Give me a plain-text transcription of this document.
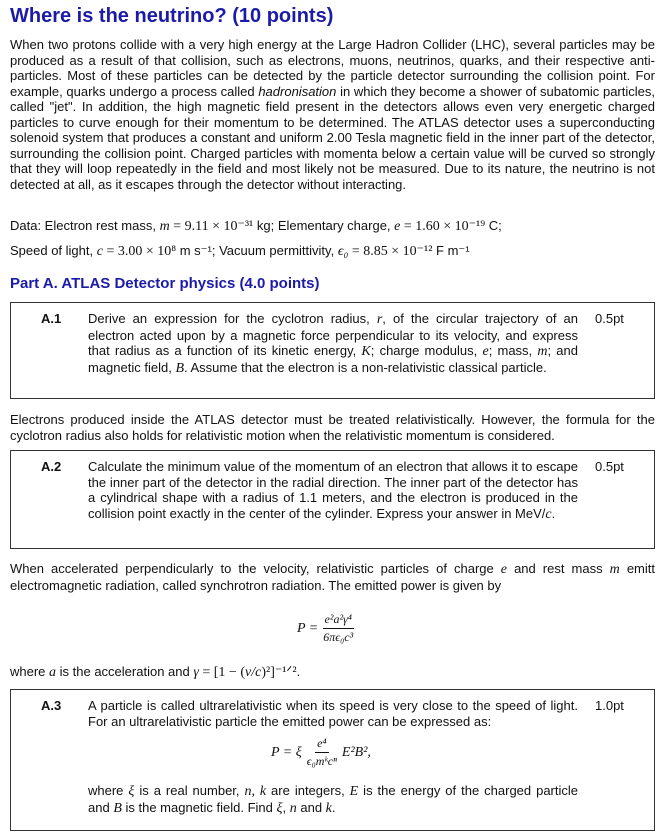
Where is the neutrino? (10 points)
When two protons collide with a very high energy at the Large Hadron Collider (LHC), several particles may be produced as a result of that collision, such as electrons, muons, neutrinos, quarks, and their respective anti-particles. Most of these particles can be detected by the particle detector surrounding the collision point. For example, quarks undergo a process called hadronisation in which they become a shower of subatomic particles, called "jet". In addition, the high magnetic field present in the detectors allows even very energetic charged particles to curve enough for their momentum to be determined. The ATLAS detector uses a superconducting solenoid system that produces a constant and uniform 2.00 Tesla magnetic field in the inner part of the detector, surrounding the collision point. Charged particles with momenta below a certain value will be curved so strongly that they will loop repeatedly in the field and most likely not be measured. Due to its nature, the neutrino is not detected at all, as it escapes through the detector without interacting.
Data: Electron rest mass, m = 9.11 × 10⁻³¹ kg; Elementary charge, e = 1.60 × 10⁻¹⁹ C;
Speed of light, c = 3.00 × 10⁸ m s⁻¹; Vacuum permittivity, ϵ₀ = 8.85 × 10⁻¹² F m⁻¹
Part A. ATLAS Detector physics (4.0 points)
A.1 Derive an expression for the cyclotron radius, r, of the circular trajectory of an electron acted upon by a magnetic force perpendicular to its velocity, and express that radius as a function of its kinetic energy, K; charge modulus, e; mass, m; and magnetic field, B. Assume that the electron is a non-relativistic classical particle.
0.5pt
Electrons produced inside the ATLAS detector must be treated relativistically. However, the formula for the cyclotron radius also holds for relativistic motion when the relativistic momentum is considered.
A.2 Calculate the minimum value of the momentum of an electron that allows it to escape the inner part of the detector in the radial direction. The inner part of the detector has a cylindrical shape with a radius of 1.1 meters, and the electron is produced in the collision point exactly in the center of the cylinder. Express your answer in MeV/c.
0.5pt
When accelerated perpendicularly to the velocity, relativistic particles of charge e and rest mass m emitt electromagnetic radiation, called synchrotron radiation. The emitted power is given by
$P = \frac{\text{e²a²γ⁴}}{\text{6πϵ₀c³}}$
where a is the acceleration and γ = [1 − (v/c)²]⁻¹ᐟ².
A.3 A particle is called ultrarelativistic when its speed is very close to the speed of light. For an ultrarelativistic particle the emitted power can be expressed as:
1.0pt
P = ξ $\frac{\text{e⁴}}{\text{ϵ₀mᵏcⁿ}} E^2B^2$,
where ξ is a real number, n, k are integers, E is the energy of the charged particle and B is the magnetic field. Find ξ, n and k.
